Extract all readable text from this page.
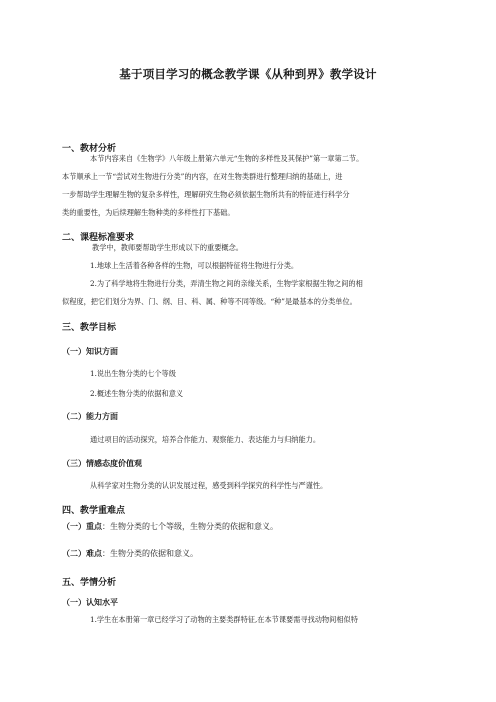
基于项目学习的概念教学课《从种到界》教学设计
一、教材分析
本节内容来自《生物学》八年级上册第六单元“生物的多样性及其保护”第一章第二节。
本节顺承上一节“尝试对生物进行分类”的内容，在对生物类群进行整理归纳的基础上，进
一步帮助学生理解生物的复杂多样性，理解研究生物必须依据生物所共有的特征进行科学分
类的重要性，为后续理解生物种类的多样性打下基础。
二、课程标准要求
教学中，教师要帮助学生形成以下的重要概念。
1.地球上生活着各种各样的生物，可以根据特征将生物进行分类。
2.为了科学地将生物进行分类，弄清生物之间的亲缘关系，生物学家根据生物之间的相
似程度，把它们划分为界、门、纲、目、科、属、种等不同等级。“种”是最基本的分类单位。
三、教学目标
（一）知识方面
1.说出生物分类的七个等级
2.概述生物分类的依据和意义
（二）能力方面
通过项目的活动探究，培养合作能力、观察能力、表达能力与归纳能力。
（三）情感态度价值观
从科学家对生物分类的认识发展过程，感受到科学探究的科学性与严谨性。
四、教学重难点
（一）重点：生物分类的七个等级，生物分类的依据和意义。
（二）难点：生物分类的依据和意义。
五、学情分析
（一）认知水平
1.学生在本册第一章已经学习了动物的主要类群特征,在本节课要需寻找动物间相似特
